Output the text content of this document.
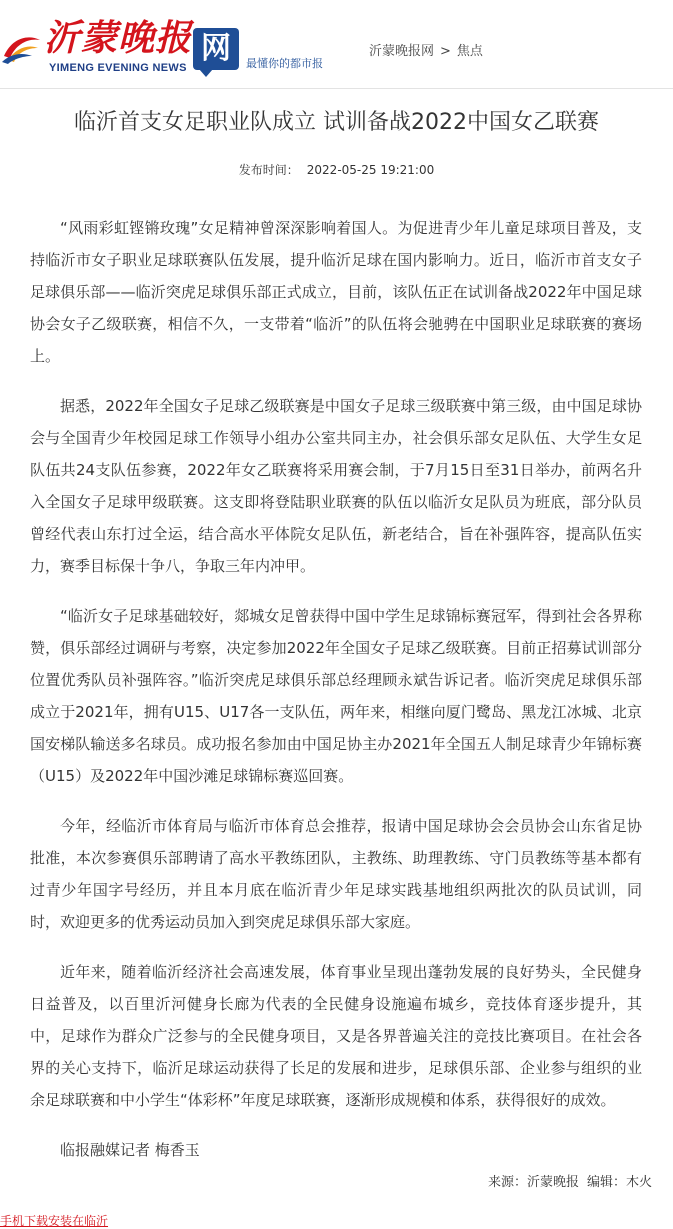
沂蒙晚报
YIMENG EVENING NEWS
网	最懂你的都市报
沂蒙晚报网 > 焦点
临沂首支女足职业队成立 试训备战2022中国女乙联赛
发布时间： 2022-05-25 19:21:00

“风雨彩虹铿锵玫瑰”女足精神曾深深影响着国人。为促进青少年儿童足球项目普及，支持临沂市女子职业足球联赛队伍发展，提升临沂足球在国内影响力。近日，临沂市首支女子足球俱乐部——临沂突虎足球俱乐部正式成立，目前，该队伍正在试训备战2022年中国足球协会女子乙级联赛，相信不久，一支带着“临沂”的队伍将会驰骋在中国职业足球联赛的赛场上。

据悉，2022年全国女子足球乙级联赛是中国女子足球三级联赛中第三级，由中国足球协会与全国青少年校园足球工作领导小组办公室共同主办，社会俱乐部女足队伍、大学生女足队伍共24支队伍参赛，2022年女乙联赛将采用赛会制，于7月15日至31日举办，前两名升入全国女子足球甲级联赛。这支即将登陆职业联赛的队伍以临沂女足队员为班底，部分队员曾经代表山东打过全运，结合高水平体院女足队伍，新老结合，旨在补强阵容，提高队伍实力，赛季目标保十争八，争取三年内冲甲。

“临沂女子足球基础较好，郯城女足曾获得中国中学生足球锦标赛冠军，得到社会各界称赞，俱乐部经过调研与考察，决定参加2022年全国女子足球乙级联赛。目前正招募试训部分位置优秀队员补强阵容。”临沂突虎足球俱乐部总经理顾永斌告诉记者。临沂突虎足球俱乐部成立于2021年，拥有U15、U17各一支队伍，两年来，相继向厦门鹭岛、黑龙江冰城、北京国安梯队输送多名球员。成功报名参加由中国足协主办2021年全国五人制足球青少年锦标赛（U15）及2022年中国沙滩足球锦标赛巡回赛。

今年，经临沂市体育局与临沂市体育总会推荐，报请中国足球协会会员协会山东省足协批准，本次参赛俱乐部聘请了高水平教练团队，主教练、助理教练、守门员教练等基本都有过青少年国字号经历，并且本月底在临沂青少年足球实践基地组织两批次的队员试训，同时，欢迎更多的优秀运动员加入到突虎足球俱乐部大家庭。

近年来，随着临沂经济社会高速发展，体育事业呈现出蓬勃发展的良好势头，全民健身日益普及，以百里沂河健身长廊为代表的全民健身设施遍布城乡，竞技体育逐步提升，其中，足球作为群众广泛参与的全民健身项目，又是各界普遍关注的竞技比赛项目。在社会各界的关心支持下，临沂足球运动获得了长足的发展和进步，足球俱乐部、企业参与组织的业余足球联赛和中小学生“体彩杯”年度足球联赛，逐渐形成规模和体系，获得很好的成效。

临报融媒记者 梅香玉

来源：沂蒙晚报 编辑：木火
手机下载安装在临沂
